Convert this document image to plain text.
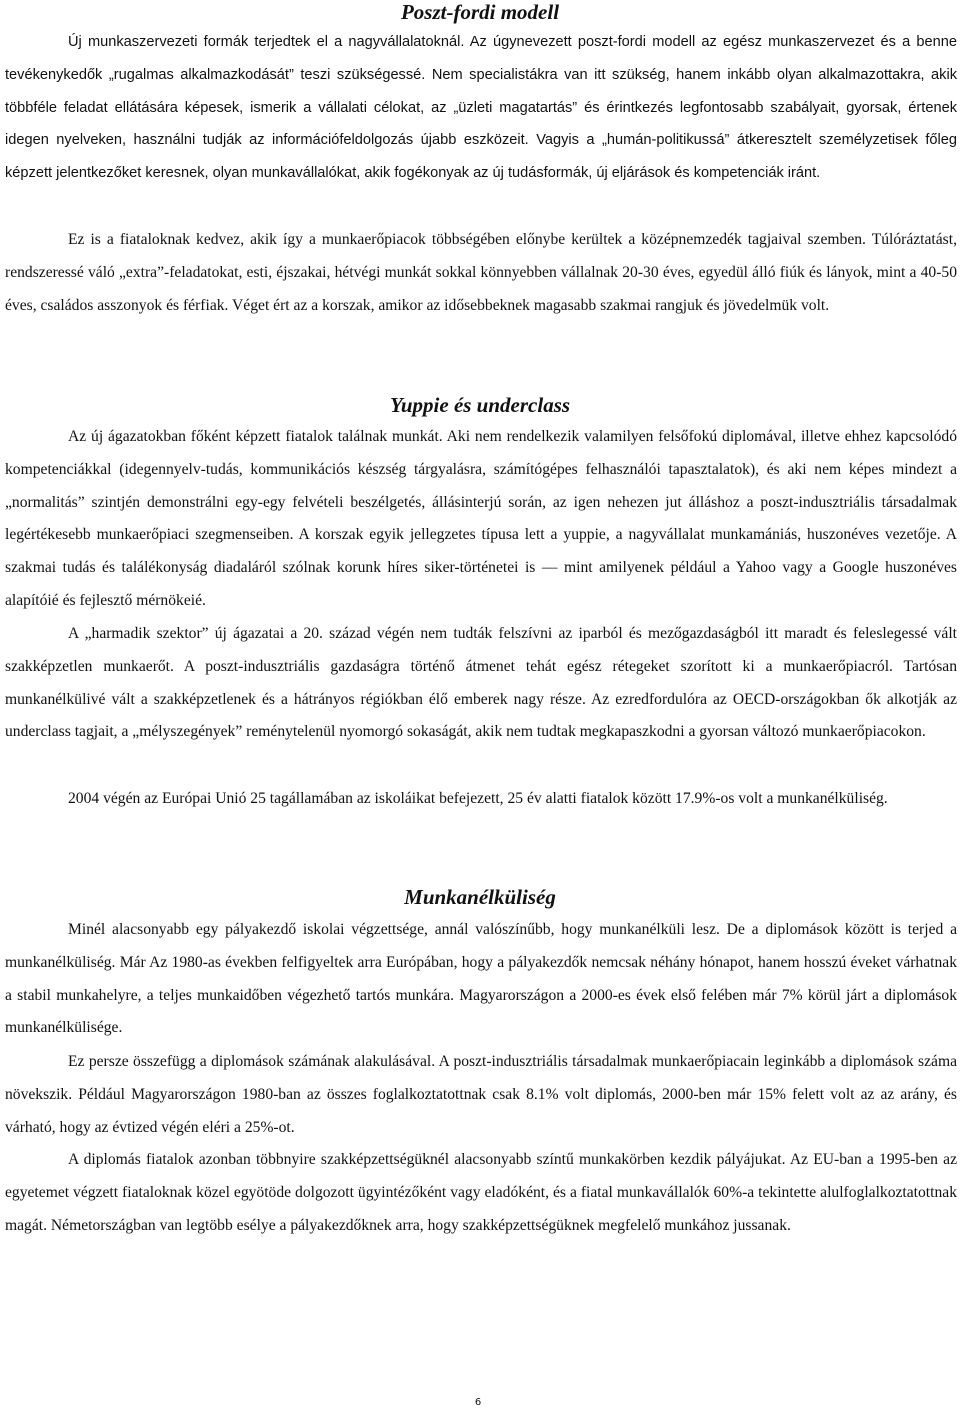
Poszt-fordi modell

Új munkaszervezeti formák terjedtek el a nagyvállalatoknál. Az úgynevezett poszt-fordi modell az egész munkaszervezet és a benne tevékenykedők „rugalmas alkalmazkodását” teszi szükségessé. Nem specialistákra van itt szükség, hanem inkább olyan alkalmazottakra, akik többféle feladat ellátására képesek, ismerik a vállalati célokat, az „üzleti magatartás” és érintkezés legfontosabb szabályait, gyorsak, értenek idegen nyelveken, használni tudják az információfeldolgozás újabb eszközeit. Vagyis a „humán-politikussá” átkeresztelt személyzetisek főleg képzett jelentkezőket keresnek, olyan munkavállalókat, akik fogékonyak az új tudásformák, új eljárások és kompetenciák iránt.

Ez is a fiataloknak kedvez, akik így a munkaerőpiacok többségében előnybe kerültek a középnemzedék tagjaival szemben. Túlóráztatást, rendszeressé váló „extra”-feladatokat, esti, éjszakai, hétvégi munkát sokkal könnyebben vállalnak 20-30 éves, egyedül álló fiúk és lányok, mint a 40-50 éves, családos asszonyok és férfiak. Véget ért az a korszak, amikor az idősebbeknek magasabb szakmai rangjuk és jövedelmük volt.

Yuppie és underclass

Az új ágazatokban főként képzett fiatalok találnak munkát. Aki nem rendelkezik valamilyen felsőfokú diplomával, illetve ehhez kapcsolódó kompetenciákkal (idegennyelv-tudás, kommunikációs készség tárgyalásra, számítógépes felhasználói tapasztalatok), és aki nem képes mindezt a „normalitás” szintjén demonstrálni egy-egy felvételi beszélgetés, állásinterjú során, az igen nehezen jut álláshoz a poszt-indusztriális társadalmak legértékesebb munkaerőpiaci szegmenseiben. A korszak egyik jellegzetes típusa lett a yuppie, a nagyvállalat munkamániás, huszonéves vezetője. A szakmai tudás és találékonyság diadaláról szólnak korunk híres siker-történetei is — mint amilyenek például a Yahoo vagy a Google huszonéves alapítóié és fejlesztő mérnökeié.

A „harmadik szektor” új ágazatai a 20. század végén nem tudták felszívni az iparból és mezőgazdaságból itt maradt és feleslegessé vált szakképzetlen munkaerőt. A poszt-indusztriális gazdaságra történő átmenet tehát egész rétegeket szorított ki a munkaerőpiacról. Tartósan munkanélkülivé vált a szakképzetlenek és a hátrányos régiókban élő emberek nagy része. Az ezredfordulóra az OECD-országokban ők alkotják az underclass tagjait, a „mélyszegények” reménytelenül nyomorgó sokaságát, akik nem tudtak megkapaszkodni a gyorsan változó munkaerőpiacokon.

2004 végén az Európai Unió 25 tagállamában az iskoláikat befejezett, 25 év alatti fiatalok között 17.9%-os volt a munkanélküliség.

Munkanélküliség

Minél alacsonyabb egy pályakezdő iskolai végzettsége, annál valószínűbb, hogy munkanélküli lesz. De a diplomások között is terjed a munkanélküliség. Már Az 1980-as években felfigyeltek arra Európában, hogy a pályakezdők nemcsak néhány hónapot, hanem hosszú éveket várhatnak a stabil munkahelyre, a teljes munkaidőben végezhető tartós munkára. Magyarországon a 2000-es évek első felében már 7% körül járt a diplomások munkanélkülisége.

Ez persze összefügg a diplomások számának alakulásával. A poszt-indusztriális társadalmak munkaerőpiacain leginkább a diplomások száma növekszik. Például Magyarországon 1980-ban az összes foglalkoztatottnak csak 8.1% volt diplomás, 2000-ben már 15% felett volt az az arány, és várható, hogy az évtized végén eléri a 25%-ot.

A diplomás fiatalok azonban többnyire szakképzettségüknél alacsonyabb színtű munkakörben kezdik pályájukat. Az EU-ban a 1995-ben az egyetemet végzett fiataloknak közel egyötöde dolgozott ügyintézőként vagy eladóként, és a fiatal munkavállalók 60%-a tekintette alulfoglalkoztatottnak magát. Németországban van legtöbb esélye a pályakezdőknek arra, hogy szakképzettségüknek megfelelő munkához jussanak.

6
